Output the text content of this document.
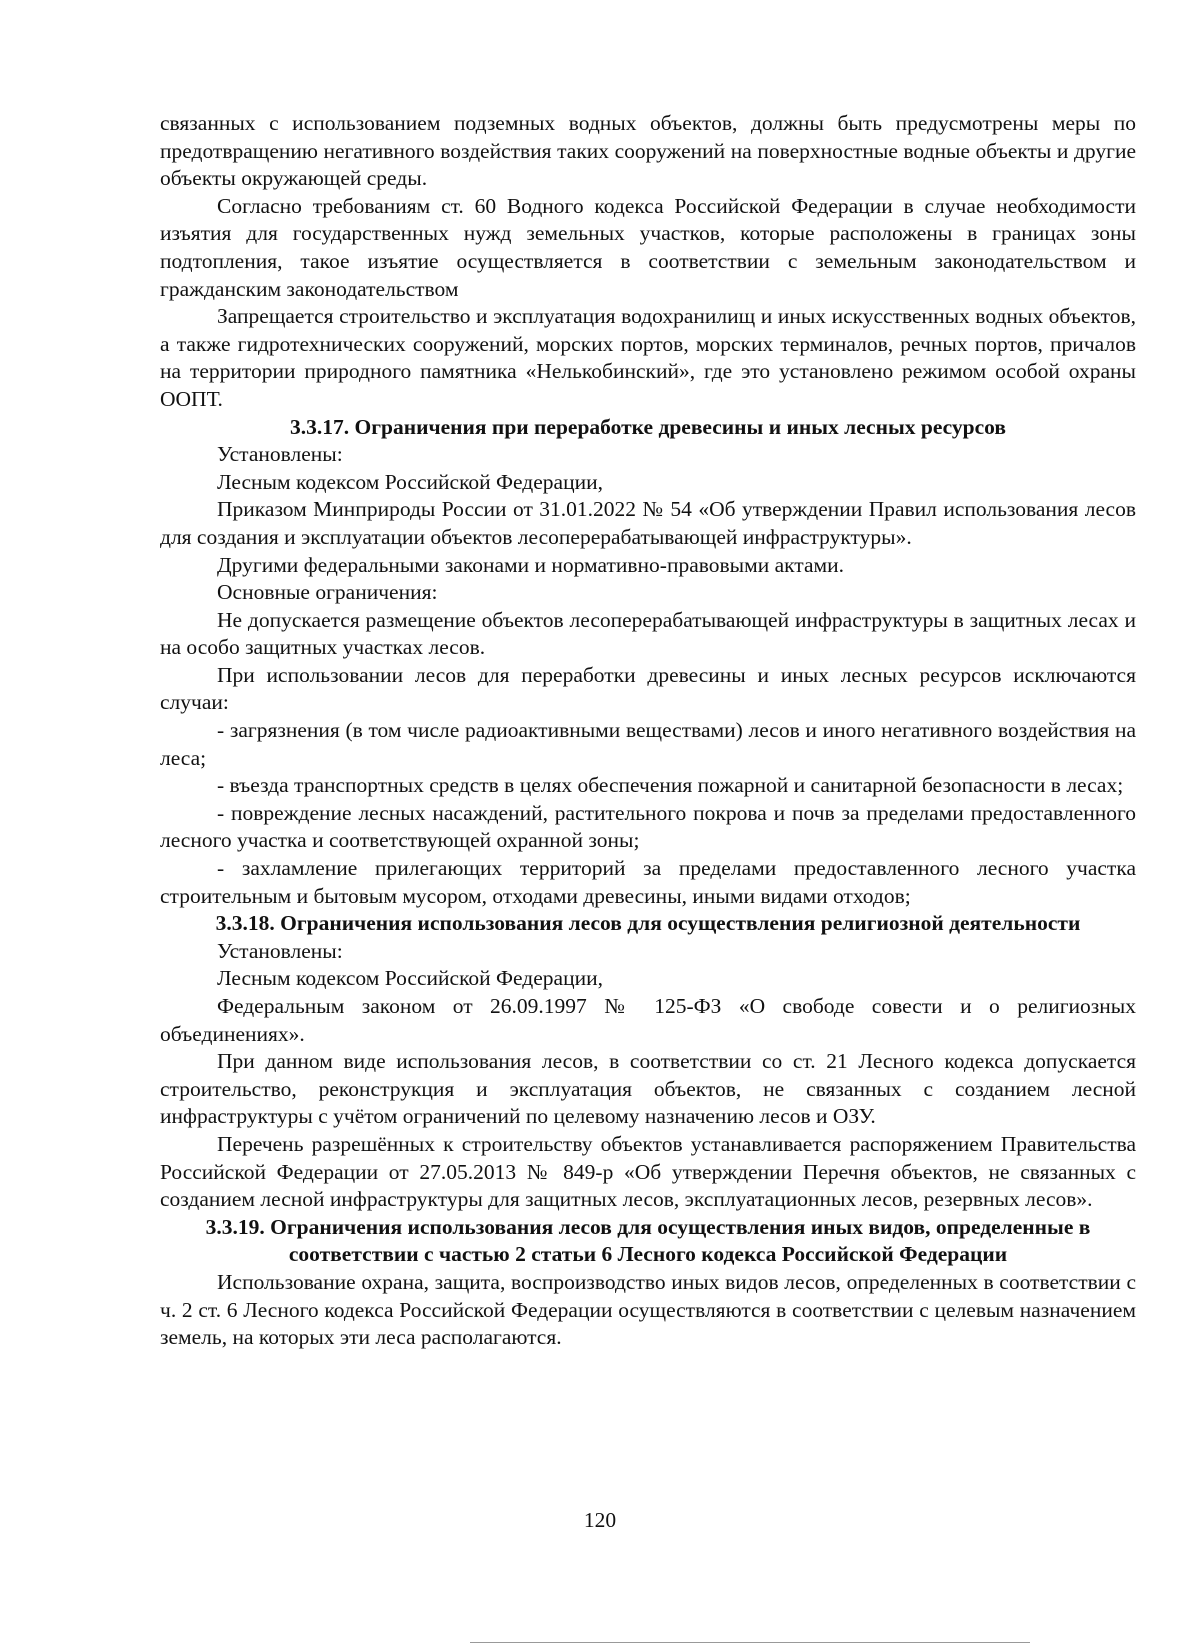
связанных с использованием подземных водных объектов, должны быть предусмотрены меры по предотвращению негативного воздействия таких сооружений на поверхностные водные объекты и другие объекты окружающей среды.

Согласно требованиям ст. 60 Водного кодекса Российской Федерации в случае необходимости изъятия для государственных нужд земельных участков, которые расположены в границах зоны подтопления, такое изъятие осуществляется в соответствии с земельным законодательством и гражданским законодательством

Запрещается строительство и эксплуатация водохранилищ и иных искусственных водных объектов, а также гидротехнических сооружений, морских портов, морских терминалов, речных портов, причалов на территории природного памятника «Нелькобинский», где это установлено режимом особой охраны ООПТ.

3.3.17. Ограничения при переработке древесины и иных лесных ресурсов

Установлены:

Лесным кодексом Российской Федерации,

Приказом Минприроды России от 31.01.2022 № 54 «Об утверждении Правил использования лесов для создания и эксплуатации объектов лесоперерабатывающей инфраструктуры».

Другими федеральными законами и нормативно-правовыми актами.

Основные ограничения:

Не допускается размещение объектов лесоперерабатывающей инфраструктуры в защитных лесах и на особо защитных участках лесов.

При использовании лесов для переработки древесины и иных лесных ресурсов исключаются случаи:

- загрязнения (в том числе радиоактивными веществами) лесов и иного негативного воздействия на леса;

- въезда транспортных средств в целях обеспечения пожарной и санитарной безопасности в лесах;

- повреждение лесных насаждений, растительного покрова и почв за пределами предоставленного лесного участка и соответствующей охранной зоны;

- захламление прилегающих территорий за пределами предоставленного лесного участка строительным и бытовым мусором, отходами древесины, иными видами отходов;

3.3.18. Ограничения использования лесов для осуществления религиозной деятельности

Установлены:

Лесным кодексом Российской Федерации,

Федеральным законом от 26.09.1997 № 125-ФЗ «О свободе совести и о религиозных объединениях».

При данном виде использования лесов, в соответствии со ст. 21 Лесного кодекса допускается строительство, реконструкция и эксплуатация объектов, не связанных с созданием лесной инфраструктуры с учётом ограничений по целевому назначению лесов и ОЗУ.

Перечень разрешённых к строительству объектов устанавливается распоряжением Правительства Российской Федерации от 27.05.2013 № 849-р «Об утверждении Перечня объектов, не связанных с созданием лесной инфраструктуры для защитных лесов, эксплуатационных лесов, резервных лесов».

3.3.19. Ограничения использования лесов для осуществления иных видов, определенные в соответствии с частью 2 статьи 6 Лесного кодекса Российской Федерации

Использование охрана, защита, воспроизводство иных видов лесов, определенных в соответствии с ч. 2 ст. 6 Лесного кодекса Российской Федерации осуществляются в соответствии с целевым назначением земель, на которых эти леса располагаются.

120
